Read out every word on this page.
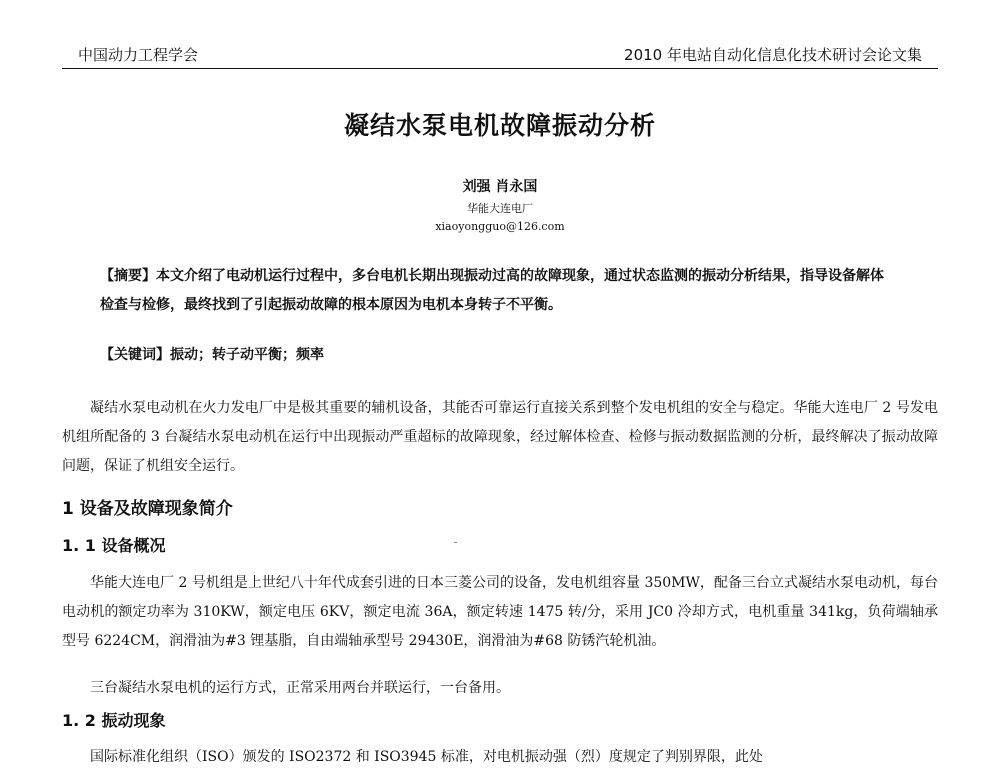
中国动力工程学会	2010 年电站自动化信息化技术研讨会论文集
凝结水泵电机故障振动分析
刘强 肖永国
华能大连电厂
xiaoyongguo@126.com
【摘要】本文介绍了电动机运行过程中，多台电机长期出现振动过高的故障现象，通过状态监测的振动分析结果，指导设备解体检查与检修，最终找到了引起振动故障的根本原因为电机本身转子不平衡。
【关键词】振动；转子动平衡；频率
凝结水泵电动机在火力发电厂中是极其重要的辅机设备，其能否可靠运行直接关系到整个发电机组的安全与稳定。华能大连电厂 2 号发电机组所配备的 3 台凝结水泵电动机在运行中出现振动严重超标的故障现象，经过解体检查、检修与振动数据监测的分析，最终解决了振动故障问题，保证了机组安全运行。
1 设备及故障现象简介
1. 1 设备概况
华能大连电厂 2 号机组是上世纪八十年代成套引进的日本三菱公司的设备，发电机组容量 350MW，配备三台立式凝结水泵电动机，每台电动机的额定功率为 310KW，额定电压 6KV，额定电流 36A，额定转速 1475 转/分，采用 JC0 冷却方式，电机重量 341kg，负荷端轴承型号 6224CM，润滑油为#3 锂基脂，自由端轴承型号 29430E，润滑油为#68 防锈汽轮机油。
三台凝结水泵电机的运行方式，正常采用两台并联运行，一台备用。
1. 2 振动现象
国际标准化组织（ISO）颁发的 ISO2372 和 ISO3945 标准，对电机振动强（烈）度规定了判别界限，此处
